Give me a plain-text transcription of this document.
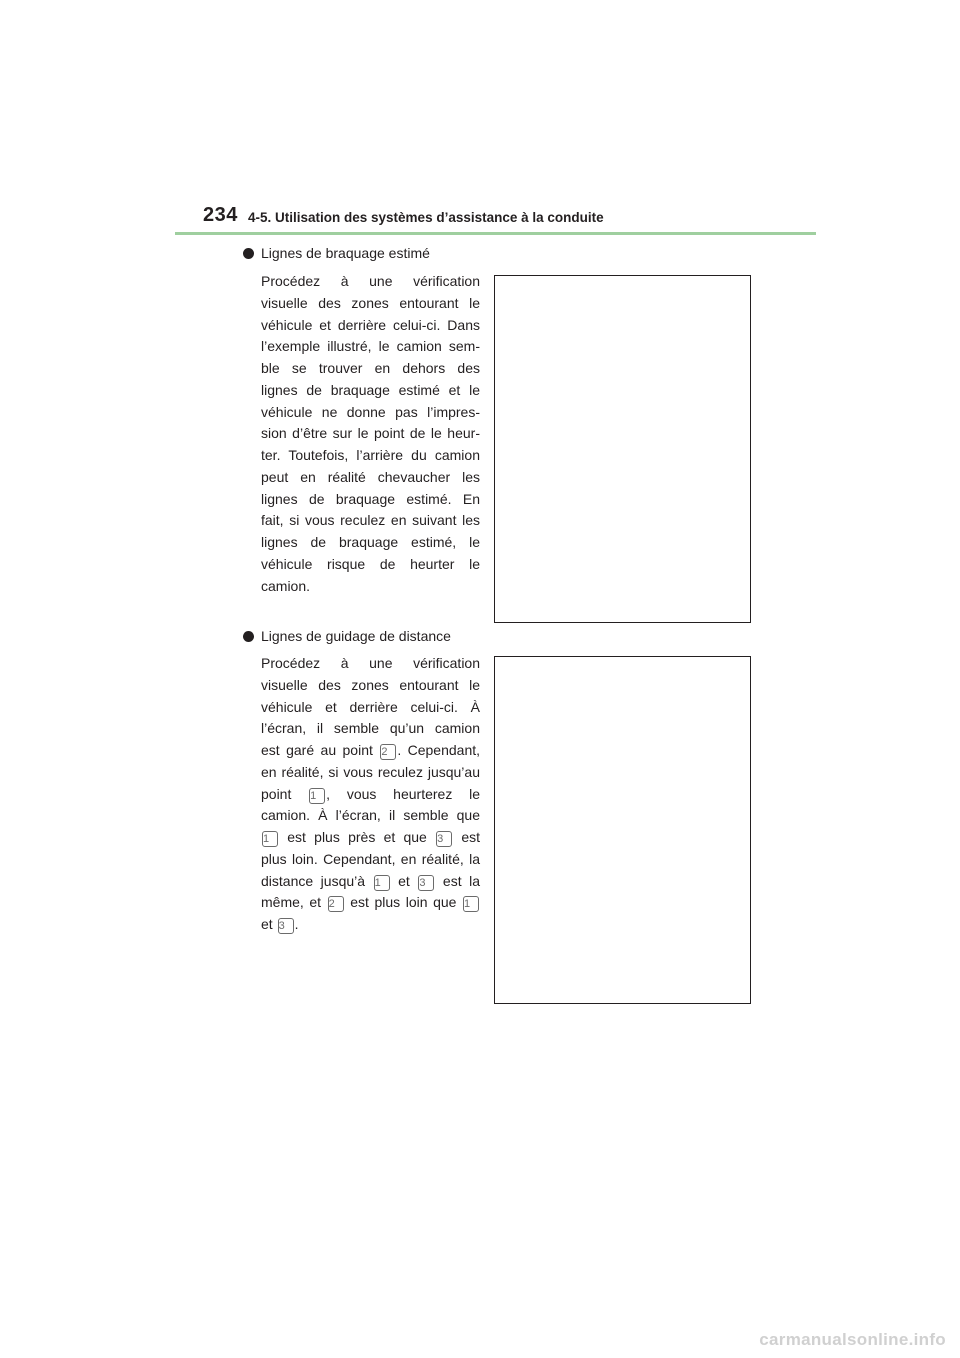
234 4-5. Utilisation des systèmes d’assistance à la conduite
Lignes de braquage estimé
Procédez à une vérification
visuelle des zones entourant le
véhicule et derrière celui-ci. Dans
l’exemple illustré, le camion sem-
ble se trouver en dehors des
lignes de braquage estimé et le
véhicule ne donne pas l’impres-
sion d’être sur le point de le heur-
ter. Toutefois, l’arrière du camion
peut en réalité chevaucher les
lignes de braquage estimé. En
fait, si vous reculez en suivant les
lignes de braquage estimé, le
véhicule risque de heurter le
camion.
Lignes de guidage de distance
Procédez à une vérification
visuelle des zones entourant le
véhicule et derrière celui-ci. À
l’écran, il semble qu’un camion
est garé au point 2 . Cependant,
en réalité, si vous reculez jusqu’au
point 1 , vous heurterez le
camion. À l’écran, il semble que
1 est plus près et que 3 est
plus loin. Cependant, en réalité, la
distance jusqu’à 1 et 3 est la
même, et 2 est plus loin que 1
et 3 .
carmanualsonline.info
